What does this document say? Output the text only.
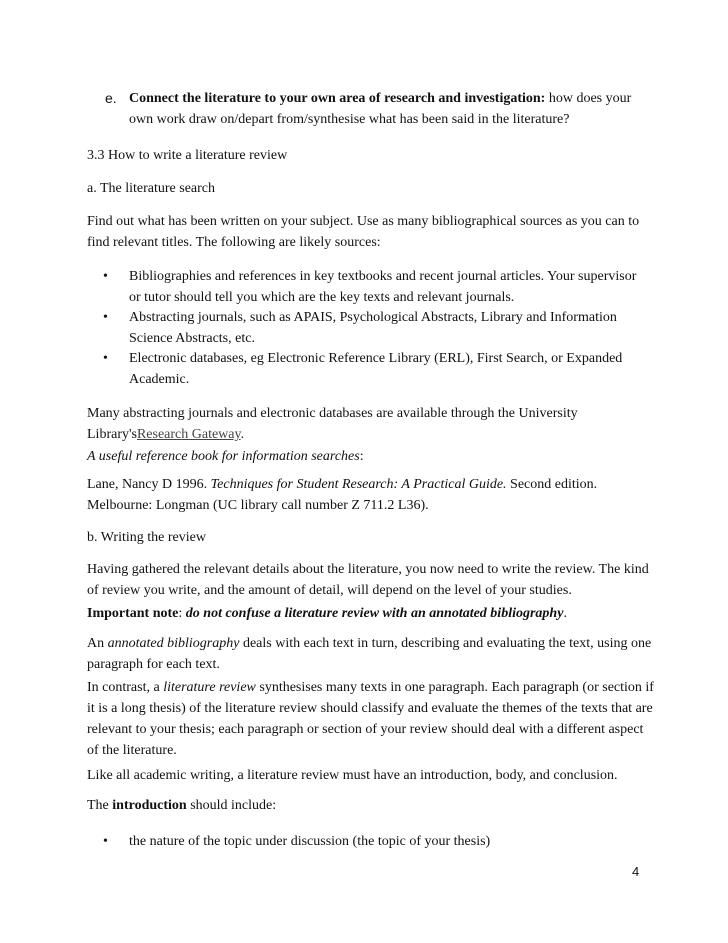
e. Connect the literature to your own area of research and investigation: how does your own work draw on/depart from/synthesise what has been said in the literature?
3.3 How to write a literature review
a. The literature search
Find out what has been written on your subject. Use as many bibliographical sources as you can to find relevant titles. The following are likely sources:
• Bibliographies and references in key textbooks and recent journal articles. Your supervisor or tutor should tell you which are the key texts and relevant journals.
• Abstracting journals, such as APAIS, Psychological Abstracts, Library and Information Science Abstracts, etc.
• Electronic databases, eg Electronic Reference Library (ERL), First Search, or Expanded Academic.
Many abstracting journals and electronic databases are available through the University Library'sResearch Gateway.
A useful reference book for information searches:
Lane, Nancy D 1996. Techniques for Student Research: A Practical Guide. Second edition. Melbourne: Longman (UC library call number Z 711.2 L36).
b. Writing the review
Having gathered the relevant details about the literature, you now need to write the review. The kind of review you write, and the amount of detail, will depend on the level of your studies.
Important note: do not confuse a literature review with an annotated bibliography.
An annotated bibliography deals with each text in turn, describing and evaluating the text, using one paragraph for each text.
In contrast, a literature review synthesises many texts in one paragraph. Each paragraph (or section if it is a long thesis) of the literature review should classify and evaluate the themes of the texts that are relevant to your thesis; each paragraph or section of your review should deal with a different aspect of the literature.
Like all academic writing, a literature review must have an introduction, body, and conclusion.
The introduction should include:
• the nature of the topic under discussion (the topic of your thesis)
4
